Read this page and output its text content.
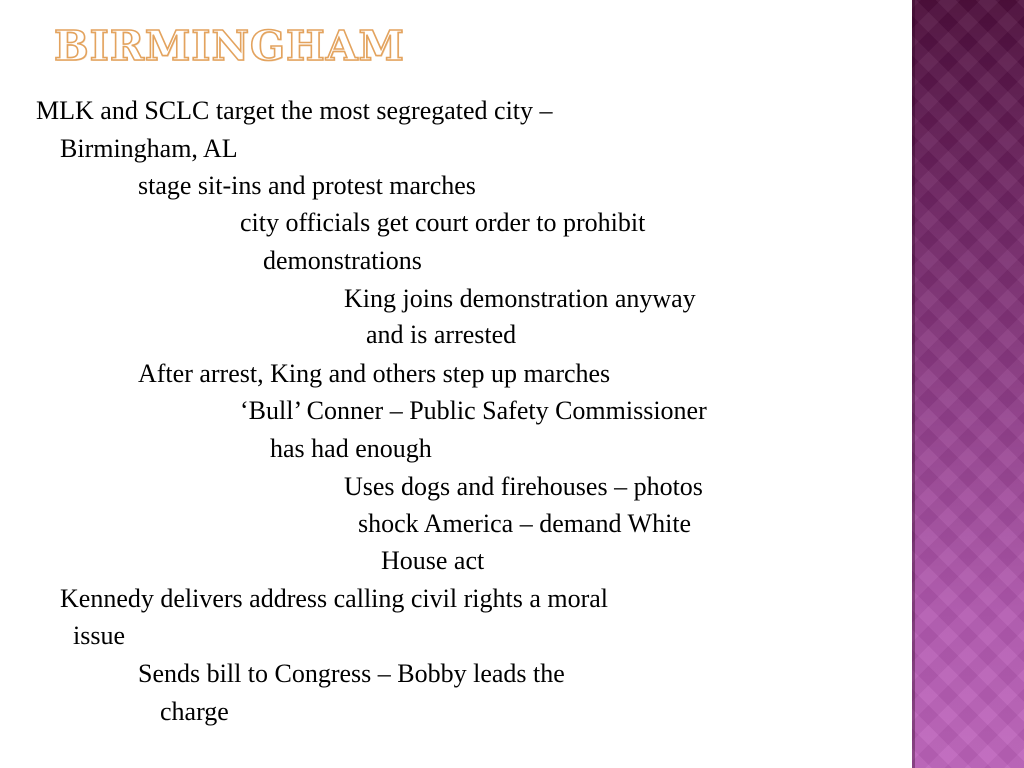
BIRMINGHAM

MLK and SCLC target the most segregated city –

Birmingham, AL

stage sit-ins and protest marches

city officials get court order to prohibit

demonstrations

King joins demonstration anyway

and is arrested

After arrest, King and others step up marches

‘Bull’ Conner – Public Safety Commissioner

has had enough

Uses dogs and firehouses – photos

shock America – demand White

House act

Kennedy delivers address calling civil rights a moral

issue

Sends bill to Congress – Bobby leads the

charge
